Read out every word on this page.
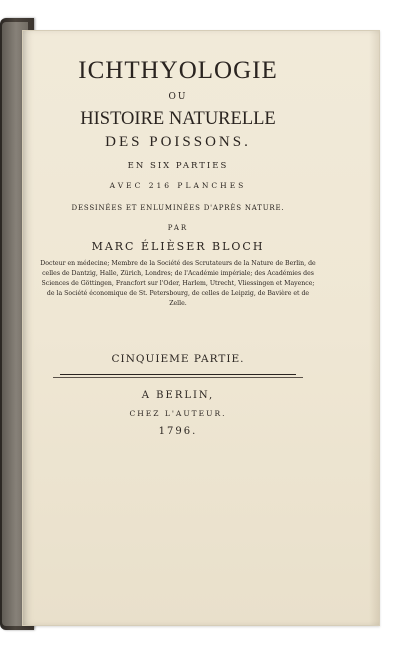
ICHTHYOLOGIE
OU
HISTOIRE NATURELLE
DES POISSONS.
EN SIX PARTIES
AVEC 216 PLANCHES
DESSINÉES ET ENLUMINÉES D'APRÈS NATURE.
PAR
MARC ÉLIÈSER BLOCH
Docteur en médecine; Membre de la Société des Scrutateurs de la Nature de Berlin, de celles de Dantzig, Halle, Zürich, Londres; de l'Académie impériale; des Académies des Sciences de Göttingen, Francfort sur l'Oder, Harlem, Utrecht, Vliessingen et Mayence; de la Société économique de St. Petersbourg, de celles de Leipzig, de Bavière et de Zelle.
CINQUIEME PARTIE.
A BERLIN,
CHEZ L'AUTEUR.
1796.
